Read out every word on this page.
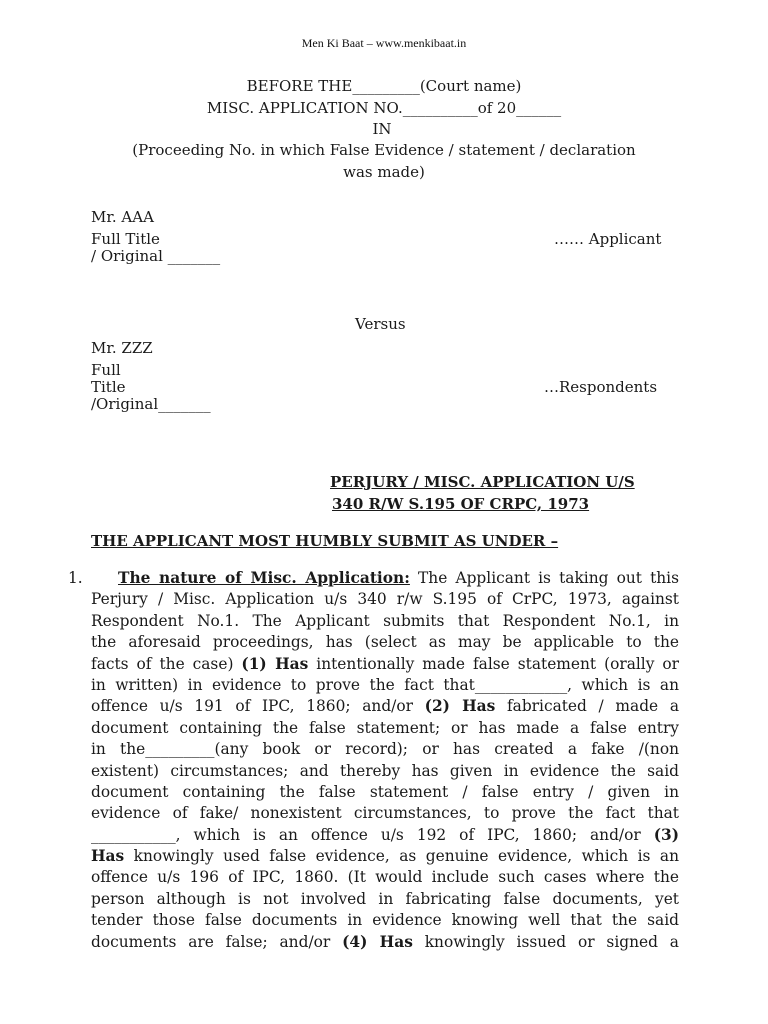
Men Ki Baat – www.menkibaat.in
BEFORE THE_________(Court name)
MISC. APPLICATION NO.__________of 20______
IN
(Proceeding No. in which False Evidence / statement / declaration
was made)
Mr. AAA
Full Title
/ Original _______
…… Applicant
Versus
Mr. ZZZ
Full
Title
/Original_______
…Respondents
PERJURY / MISC. APPLICATION U/S
340 R/W S.195 OF CRPC, 1973
THE APPLICANT MOST HUMBLY SUBMIT AS UNDER –
1.	The nature of Misc. Application: The Applicant is taking out this
Perjury / Misc. Application u/s 340 r/w S.195 of CrPC, 1973, against
Respondent No.1. The Applicant submits that Respondent No.1, in
the aforesaid proceedings, has (select as may be applicable to the
facts of the case) (1) Has intentionally made false statement (orally or
in written) in evidence to prove the fact that____________, which is an
offence u/s 191 of IPC, 1860; and/or (2) Has fabricated / made a
document containing the false statement; or has made a false entry
in the_________(any book or record); or has created a fake /(non
existent) circumstances; and thereby has given in evidence the said
document containing the false statement / false entry / given in
evidence of fake/ nonexistent circumstances, to prove the fact that
___________, which is an offence u/s 192 of IPC, 1860; and/or (3)
Has knowingly used false evidence, as genuine evidence, which is an
offence u/s 196 of IPC, 1860. (It would include such cases where the
person although is not involved in fabricating false documents, yet
tender those false documents in evidence knowing well that the said
documents are false; and/or (4) Has knowingly issued or signed a
